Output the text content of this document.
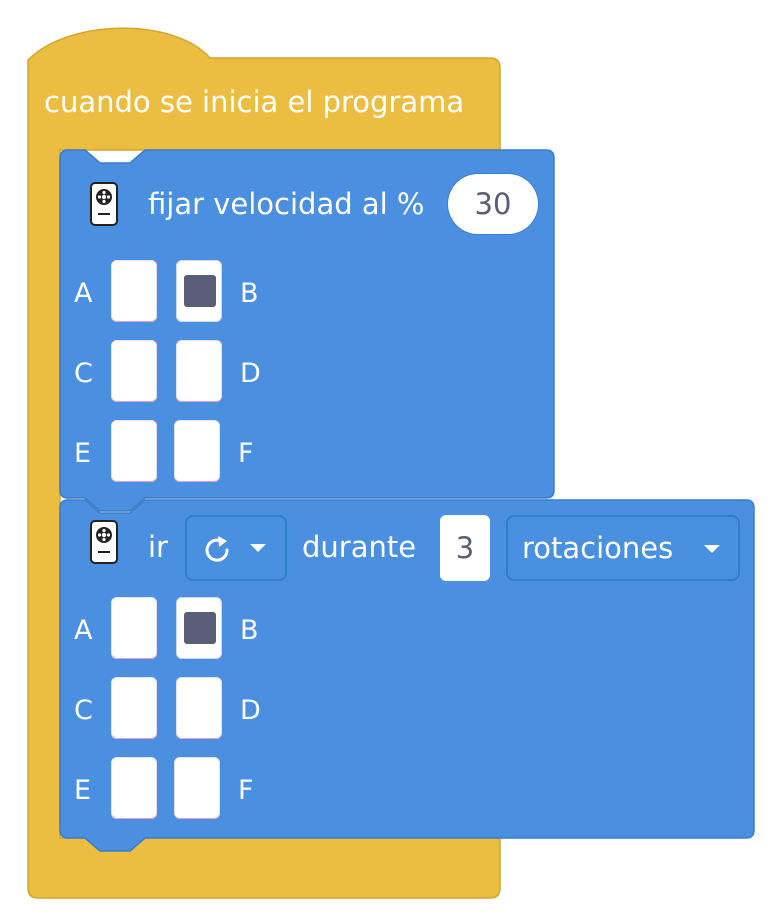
cuando se inicia el programa
fijar velocidad al %	30
A	B
C	D
E	F
ir	durante	3	rotaciones
A	B
C	D
E	F
